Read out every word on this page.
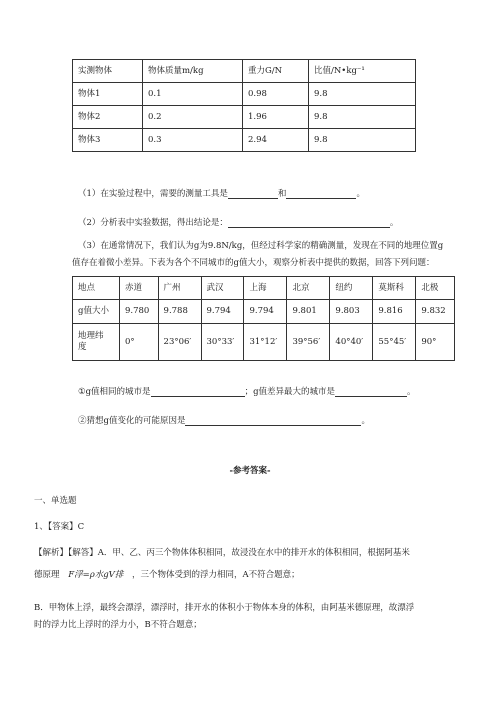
实测物体	物体质量m/kg	重力G/N	比值/N•kg⁻¹
物体1	0.1	0.98	9.8
物体2	0.2	1.96	9.8
物体3	0.3	2.94	9.8
（1）在实验过程中，需要的测量工具是	和	。
（2）分析表中实验数据，得出结论是：	。
（3）在通常情况下，我们认为g为9.8N/kg，但经过科学家的精确测量，发现在不同的地理位置g
值存在着微小差异。下表为各个不同城市的g值大小，观察分析表中提供的数据，回答下列问题：
地点	赤道	广州	武汉	上海	北京	纽约	莫斯科	北极
g值大小	9.780	9.788	9.794	9.794	9.801	9.803	9.816	9.832

地理纬
度	0°	23°06′	30°33′	31°12′	39°56′	40°40′	55°45′	90°
①g值相同的城市是	；g值差异最大的城市是	。
②猜想g值变化的可能原因是	。
-参考答案-
一、单选题
1、【答案】C
【解析】【解答】A．甲、乙、丙三个物体体积相同，故浸没在水中的排开水的体积相同，根据阿基米
德原理 F浮=ρ水gV排 ，三个物体受到的浮力相同，A不符合题意；
B．甲物体上浮，最终会漂浮，漂浮时，排开水的体积小于物体本身的体积，由阿基米德原理，故漂浮
时的浮力比上浮时的浮力小，B不符合题意；
